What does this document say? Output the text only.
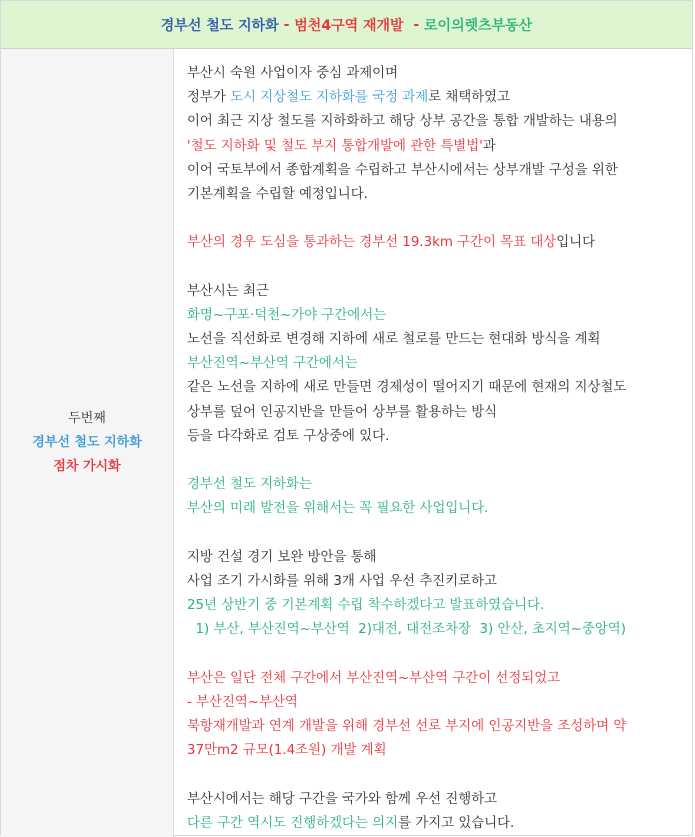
경부선 철도 지하화 - 범천4구역 재개발 - 로이의렛츠부동산
두번째
경부선 철도 지하화
점차 가시화
부산시 숙원 사업이자 중심 과제이며
정부가 도시 지상철도 지하화를 국정 과제로 채택하였고
이어 최근 지상 철도를 지하화하고 해당 상부 공간을 통합 개발하는 내용의
'철도 지하화 및 철도 부지 통합개발에 관한 특별법'과
이어 국토부에서 종합계획을 수립하고 부산시에서는 상부개발 구성을 위한
기본계획을 수립할 예정입니다.
부산의 경우 도심을 통과하는 경부선 19.3km 구간이 목표 대상입니다
부산시는 최근
화명~구포·덕천~가야 구간에서는
노선을 직선화로 변경해 지하에 새로 철로를 만드는 현대화 방식을 계획
부산진역~부산역 구간에서는
같은 노선을 지하에 새로 만들면 경제성이 떨어지기 때문에 현재의 지상철도
상부를 덮어 인공지반을 만들어 상부를 활용하는 방식
등을 다각화로 검토 구상중에 있다.
경부선 철도 지하화는
부산의 미래 발전을 위해서는 꼭 필요한 사업입니다.
지방 건설 경기 보완 방안을 통해
사업 조기 가시화를 위해 3개 사업 우선 추진키로하고
25년 상반기 중 기본계획 수립 착수하겠다고 발표하였습니다.
1) 부산, 부산진역~부산역  2)대전, 대전조차장  3) 안산, 초지역~중앙역)
부산은 일단 전체 구간에서 부산진역~부산역 구간이 선정되었고
- 부산진역~부산역
북항재개발과 연계 개발을 위해 경부선 선로 부지에 인공지반을 조성하며 약
37만m2 규모(1.4조원) 개발 계획
부산시에서는 해당 구간을 국가와 함께 우선 진행하고
다른 구간 역시도 진행하겠다는 의지를 가지고 있습니다.
